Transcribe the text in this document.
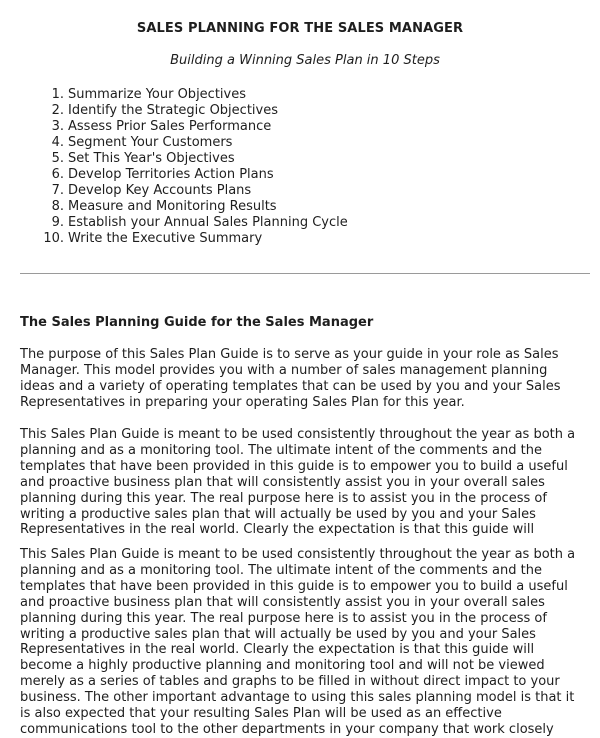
SALES PLANNING FOR THE SALES MANAGER
Building a Winning Sales Plan in 10 Steps
1. Summarize Your Objectives
2. Identify the Strategic Objectives
3. Assess Prior Sales Performance
4. Segment Your Customers
5. Set This Year's Objectives
6. Develop Territories Action Plans
7. Develop Key Accounts Plans
8. Measure and Monitoring Results
9. Establish your Annual Sales Planning Cycle
10. Write the Executive Summary
The Sales Planning Guide for the Sales Manager
The purpose of this Sales Plan Guide is to serve as your guide in your role as Sales
Manager. This model provides you with a number of sales management planning
ideas and a variety of operating templates that can be used by you and your Sales
Representatives in preparing your operating Sales Plan for this year.
This Sales Plan Guide is meant to be used consistently throughout the year as both a
planning and as a monitoring tool. The ultimate intent of the comments and the
templates that have been provided in this guide is to empower you to build a useful
and proactive business plan that will consistently assist you in your overall sales
planning during this year. The real purpose here is to assist you in the process of
writing a productive sales plan that will actually be used by you and your Sales
Representatives in the real world. Clearly the expectation is that this guide will
This Sales Plan Guide is meant to be used consistently throughout the year as both a
planning and as a monitoring tool. The ultimate intent of the comments and the
templates that have been provided in this guide is to empower you to build a useful
and proactive business plan that will consistently assist you in your overall sales
planning during this year. The real purpose here is to assist you in the process of
writing a productive sales plan that will actually be used by you and your Sales
Representatives in the real world. Clearly the expectation is that this guide will
become a highly productive planning and monitoring tool and will not be viewed
merely as a series of tables and graphs to be filled in without direct impact to your
business. The other important advantage to using this sales planning model is that it
is also expected that your resulting Sales Plan will be used as an effective
communications tool to the other departments in your company that work closely
